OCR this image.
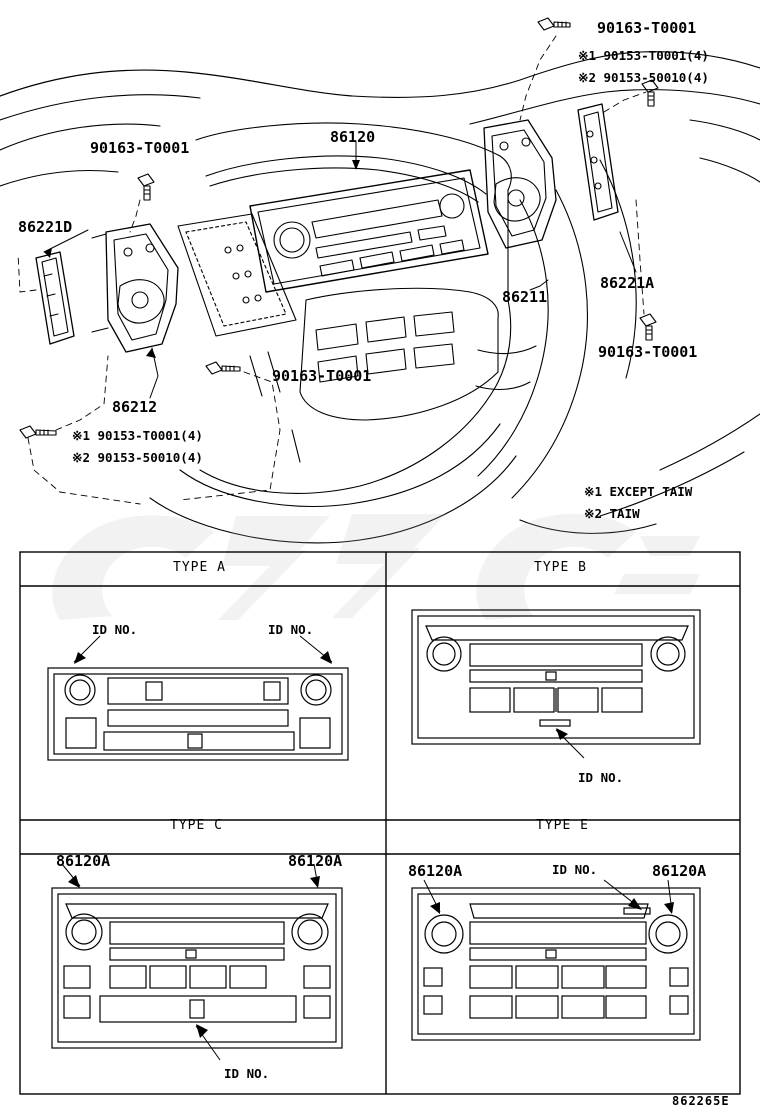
90163-T0001
※1 90153-T0001(4)
※2 90153-50010(4)
86120
90163-T0001
86221D
86211
86221A
90163-T0001
90163-T0001
86212
※1 90153-T0001(4)
※2 90153-50010(4)
※1 EXCEPT TAIW
※2 TAIW
TYPE A	TYPE B
TYPE C	TYPE E
ID NO.	ID NO.
ID NO.
86120A	86120A
ID NO.
86120A	86120A
ID NO.
862265E
